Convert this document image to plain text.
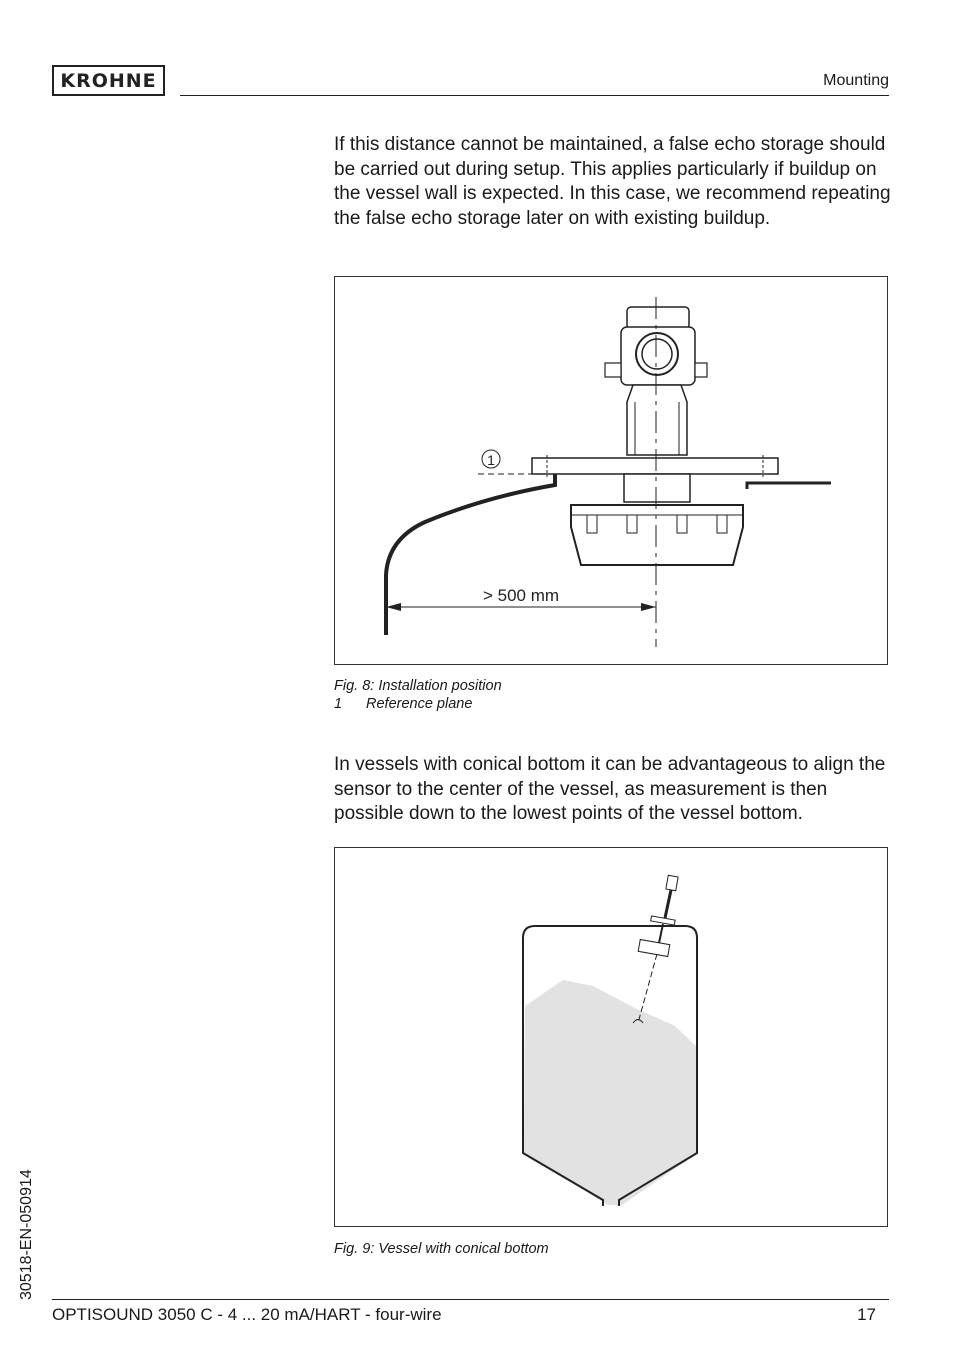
KROHNE	Mounting

If this distance cannot be maintained, a false echo storage should be carried out during setup. This applies particularly if buildup on the vessel wall is expected. In this case, we recommend repeating the false echo storage later on with existing buildup.

1
> 500 mm
Fig. 8: Installation position
1 Reference plane

In vessels with conical bottom it can be advantageous to align the sensor to the center of the vessel, as measurement is then possible down to the lowest points of the vessel bottom.

Fig. 9: Vessel with conical bottom
30518-EN-050914
OPTISOUND 3050 C - 4 ... 20 mA/HART - four-wire	17
